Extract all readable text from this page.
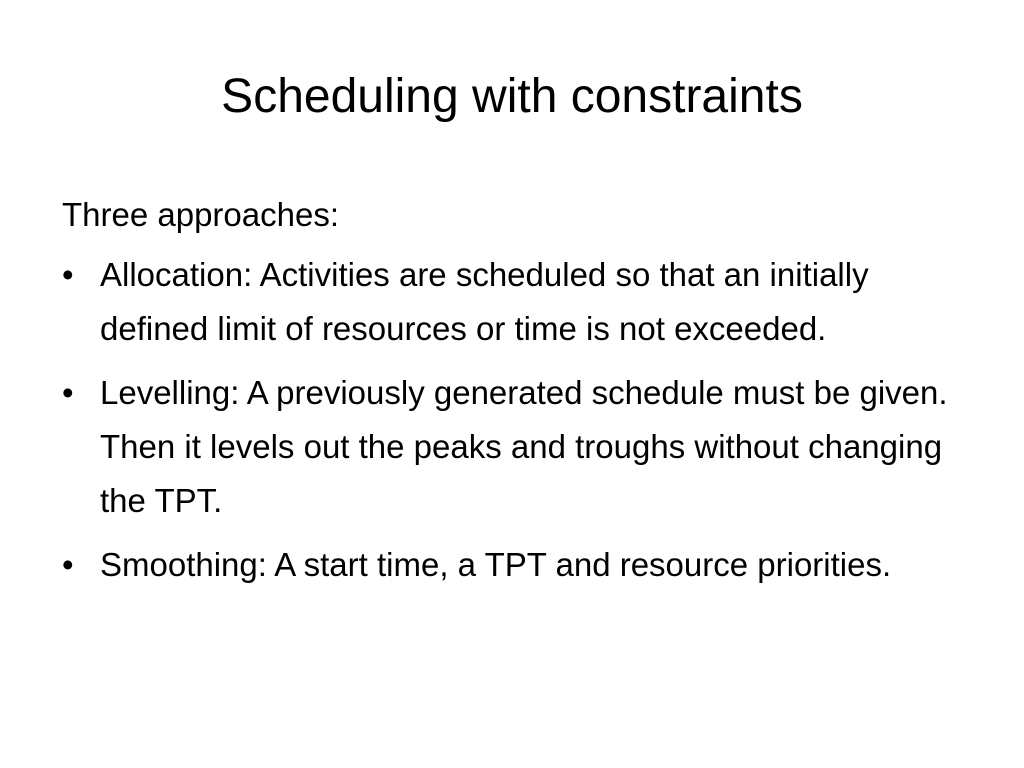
Scheduling with constraints

Three approaches:

• Allocation: Activities are scheduled so that an initially defined limit of resources or time is not exceeded.
• Levelling: A previously generated schedule must be given. Then it levels out the peaks and troughs without changing the TPT.
• Smoothing: A start time, a TPT and resource priorities.
